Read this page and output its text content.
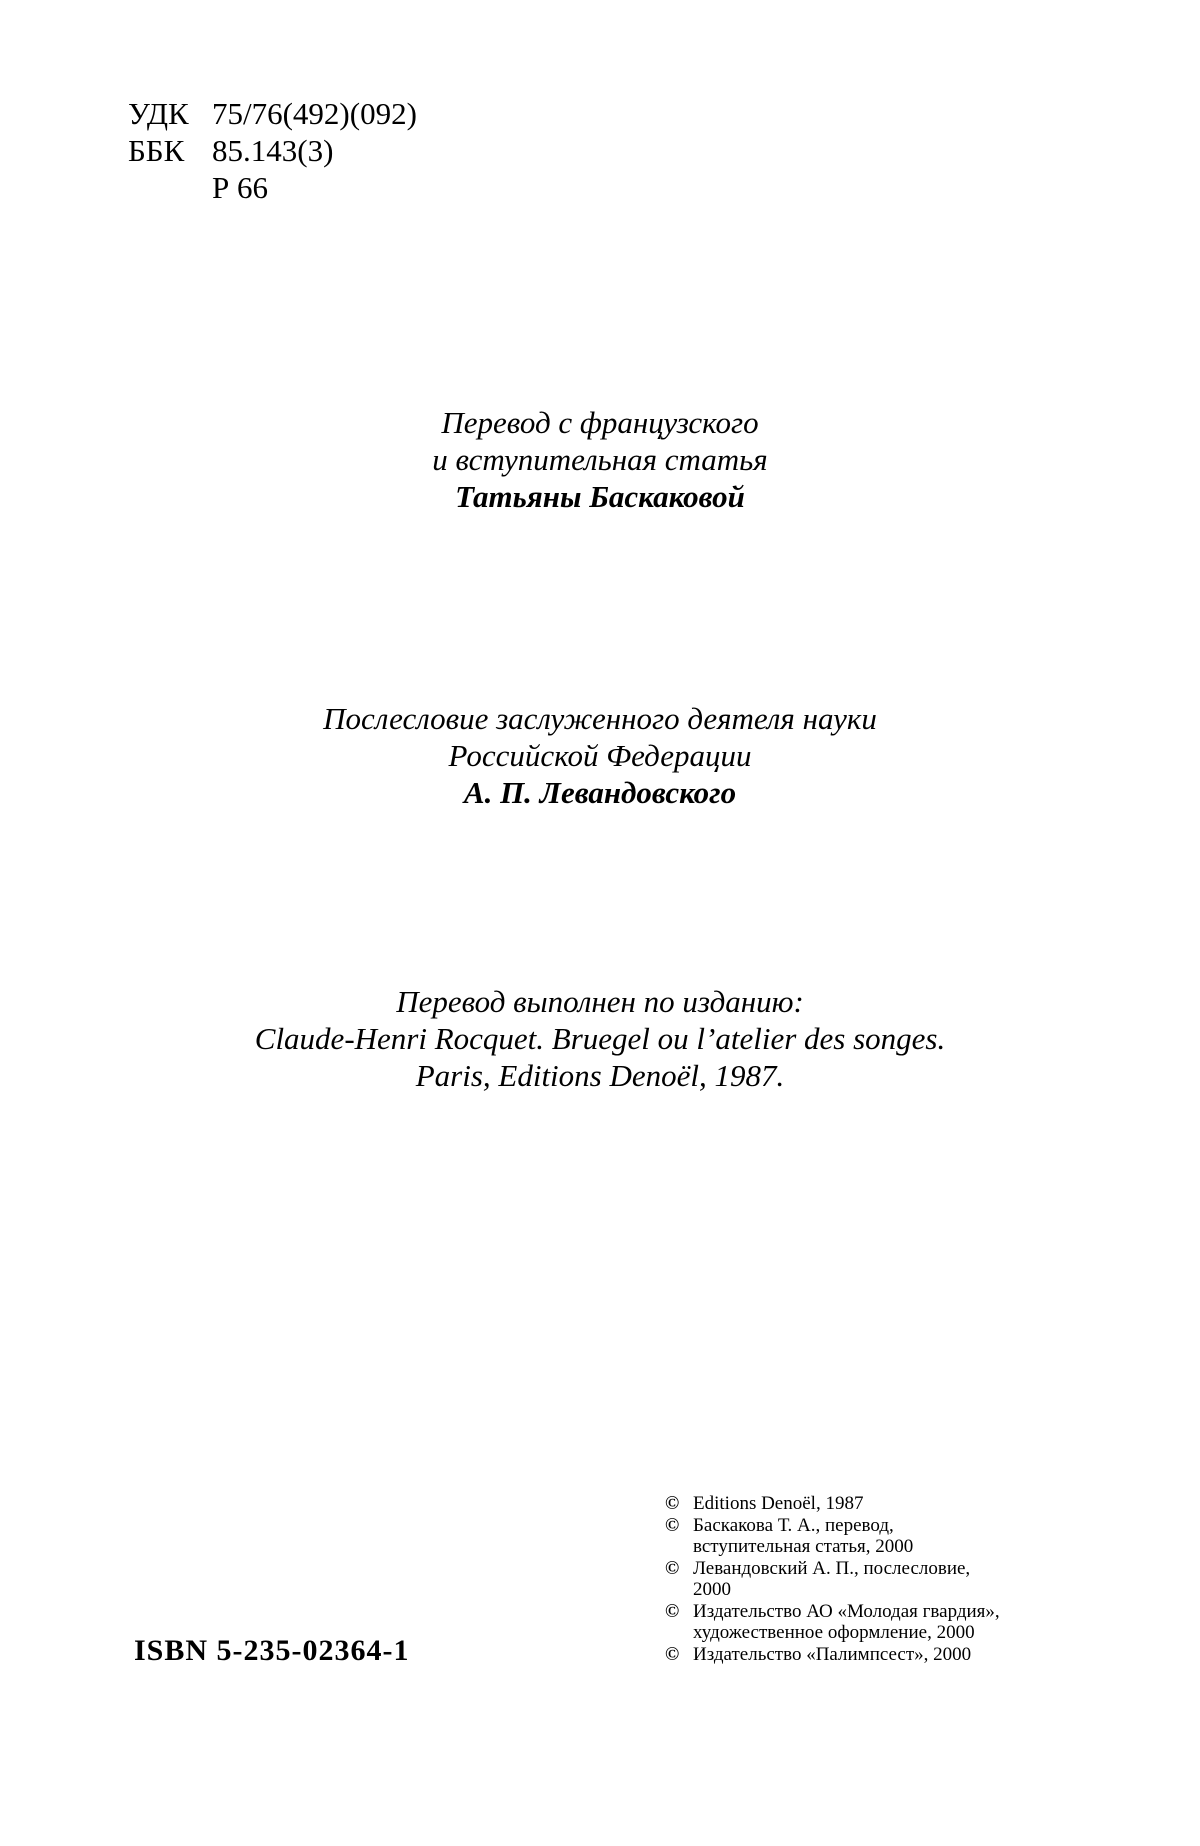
УДК 75/76(492)(092)
ББК 85.143(3)
Р 66
Перевод с французского
и вступительная статья
Татьяны Баскаковой
Послесловие заслуженного деятеля науки
Российской Федерации
А. П. Левандовского
Перевод выполнен по изданию:
Claude-Henri Rocquet. Bruegel ou l’atelier des songes.
Paris, Editions Denoёl, 1987.
ISBN 5-235-02364-1
© Editions Denoёl, 1987
© Баскакова Т. А., перевод,
вступительная статья, 2000
© Левандовский А. П., послесловие,
2000
© Издательство АО «Молодая гвардия»,
художественное оформление, 2000
© Издательство «Палимпсест», 2000
